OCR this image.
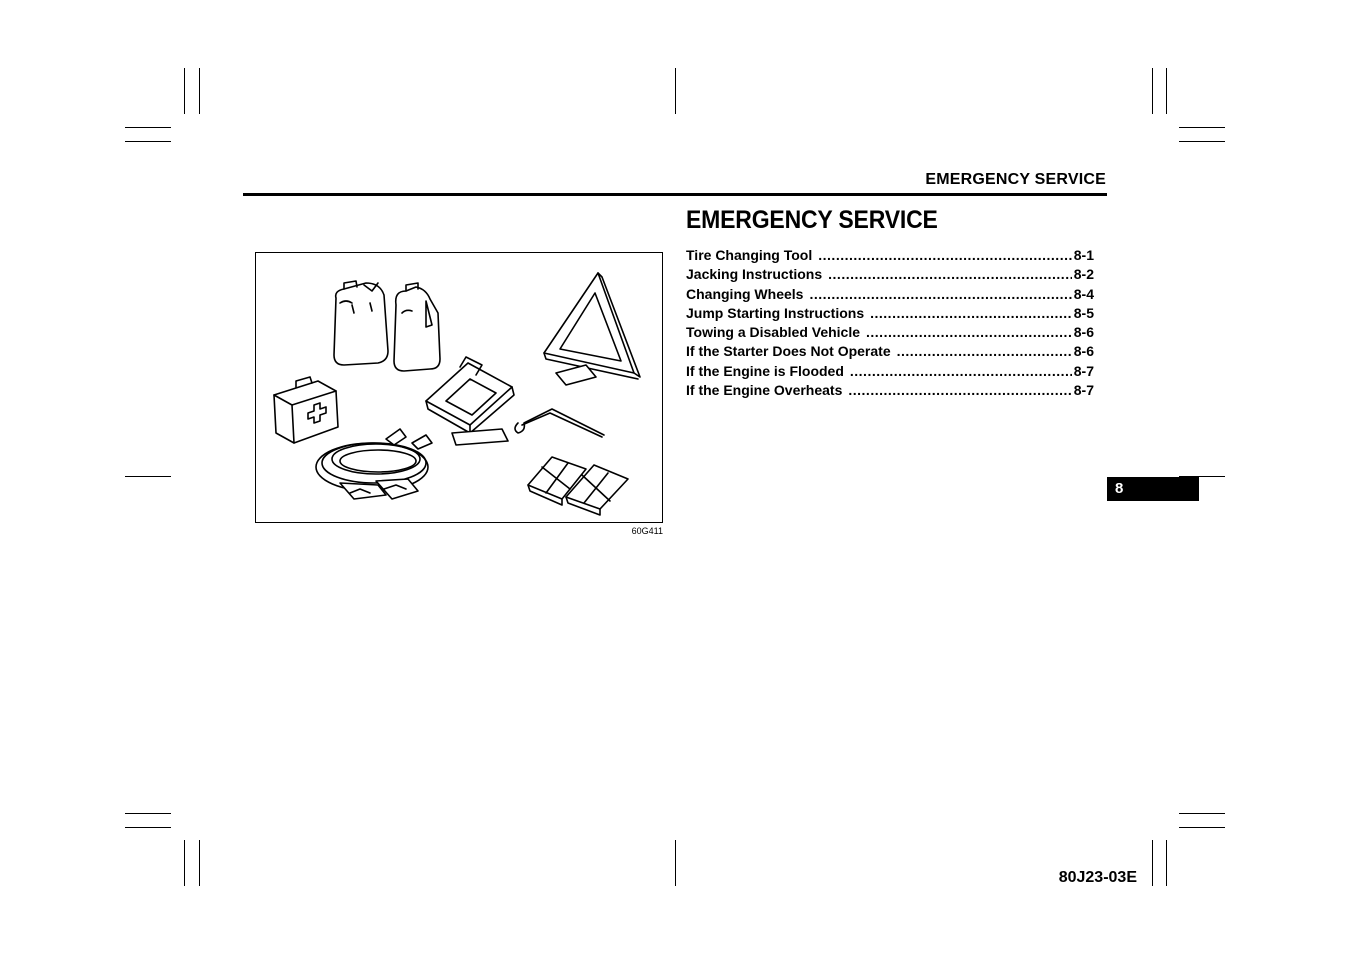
EMERGENCY SERVICE
EMERGENCY SERVICE
Tire Changing Tool .....	8-1
Jacking Instructions .....	8-2
Changing Wheels .....	8-4
Jump Starting Instructions .....	8-5
Towing a Disabled Vehicle .....	8-6
If the Starter Does Not Operate .....	8-6
If the Engine is Flooded .....	8-7
If the Engine Overheats .....	8-7
60G411
8
80J23-03E
